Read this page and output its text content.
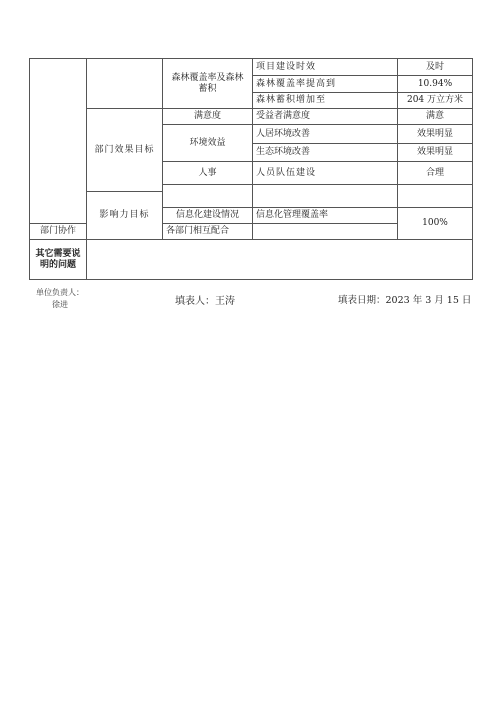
		森林覆盖率及森林蓄积	项目建设时效	及时
			森林覆盖率提高到	10.94%
			森林蓄积增加至	204 万立方米
	部门效果目标	满意度	受益者满意度	满意
		环境效益	人居环境改善	效果明显
			生态环境改善	效果明显
		人事	人员队伍建设	合理

	影响力目标			

		信息化建设情况	信息化管理覆盖率	100%
部门协作		各部门相互配合		
其它需要说明的问题				
单位负责人：徐进	填表人：王涛	填表日期：2023 年 3 月 15 日
